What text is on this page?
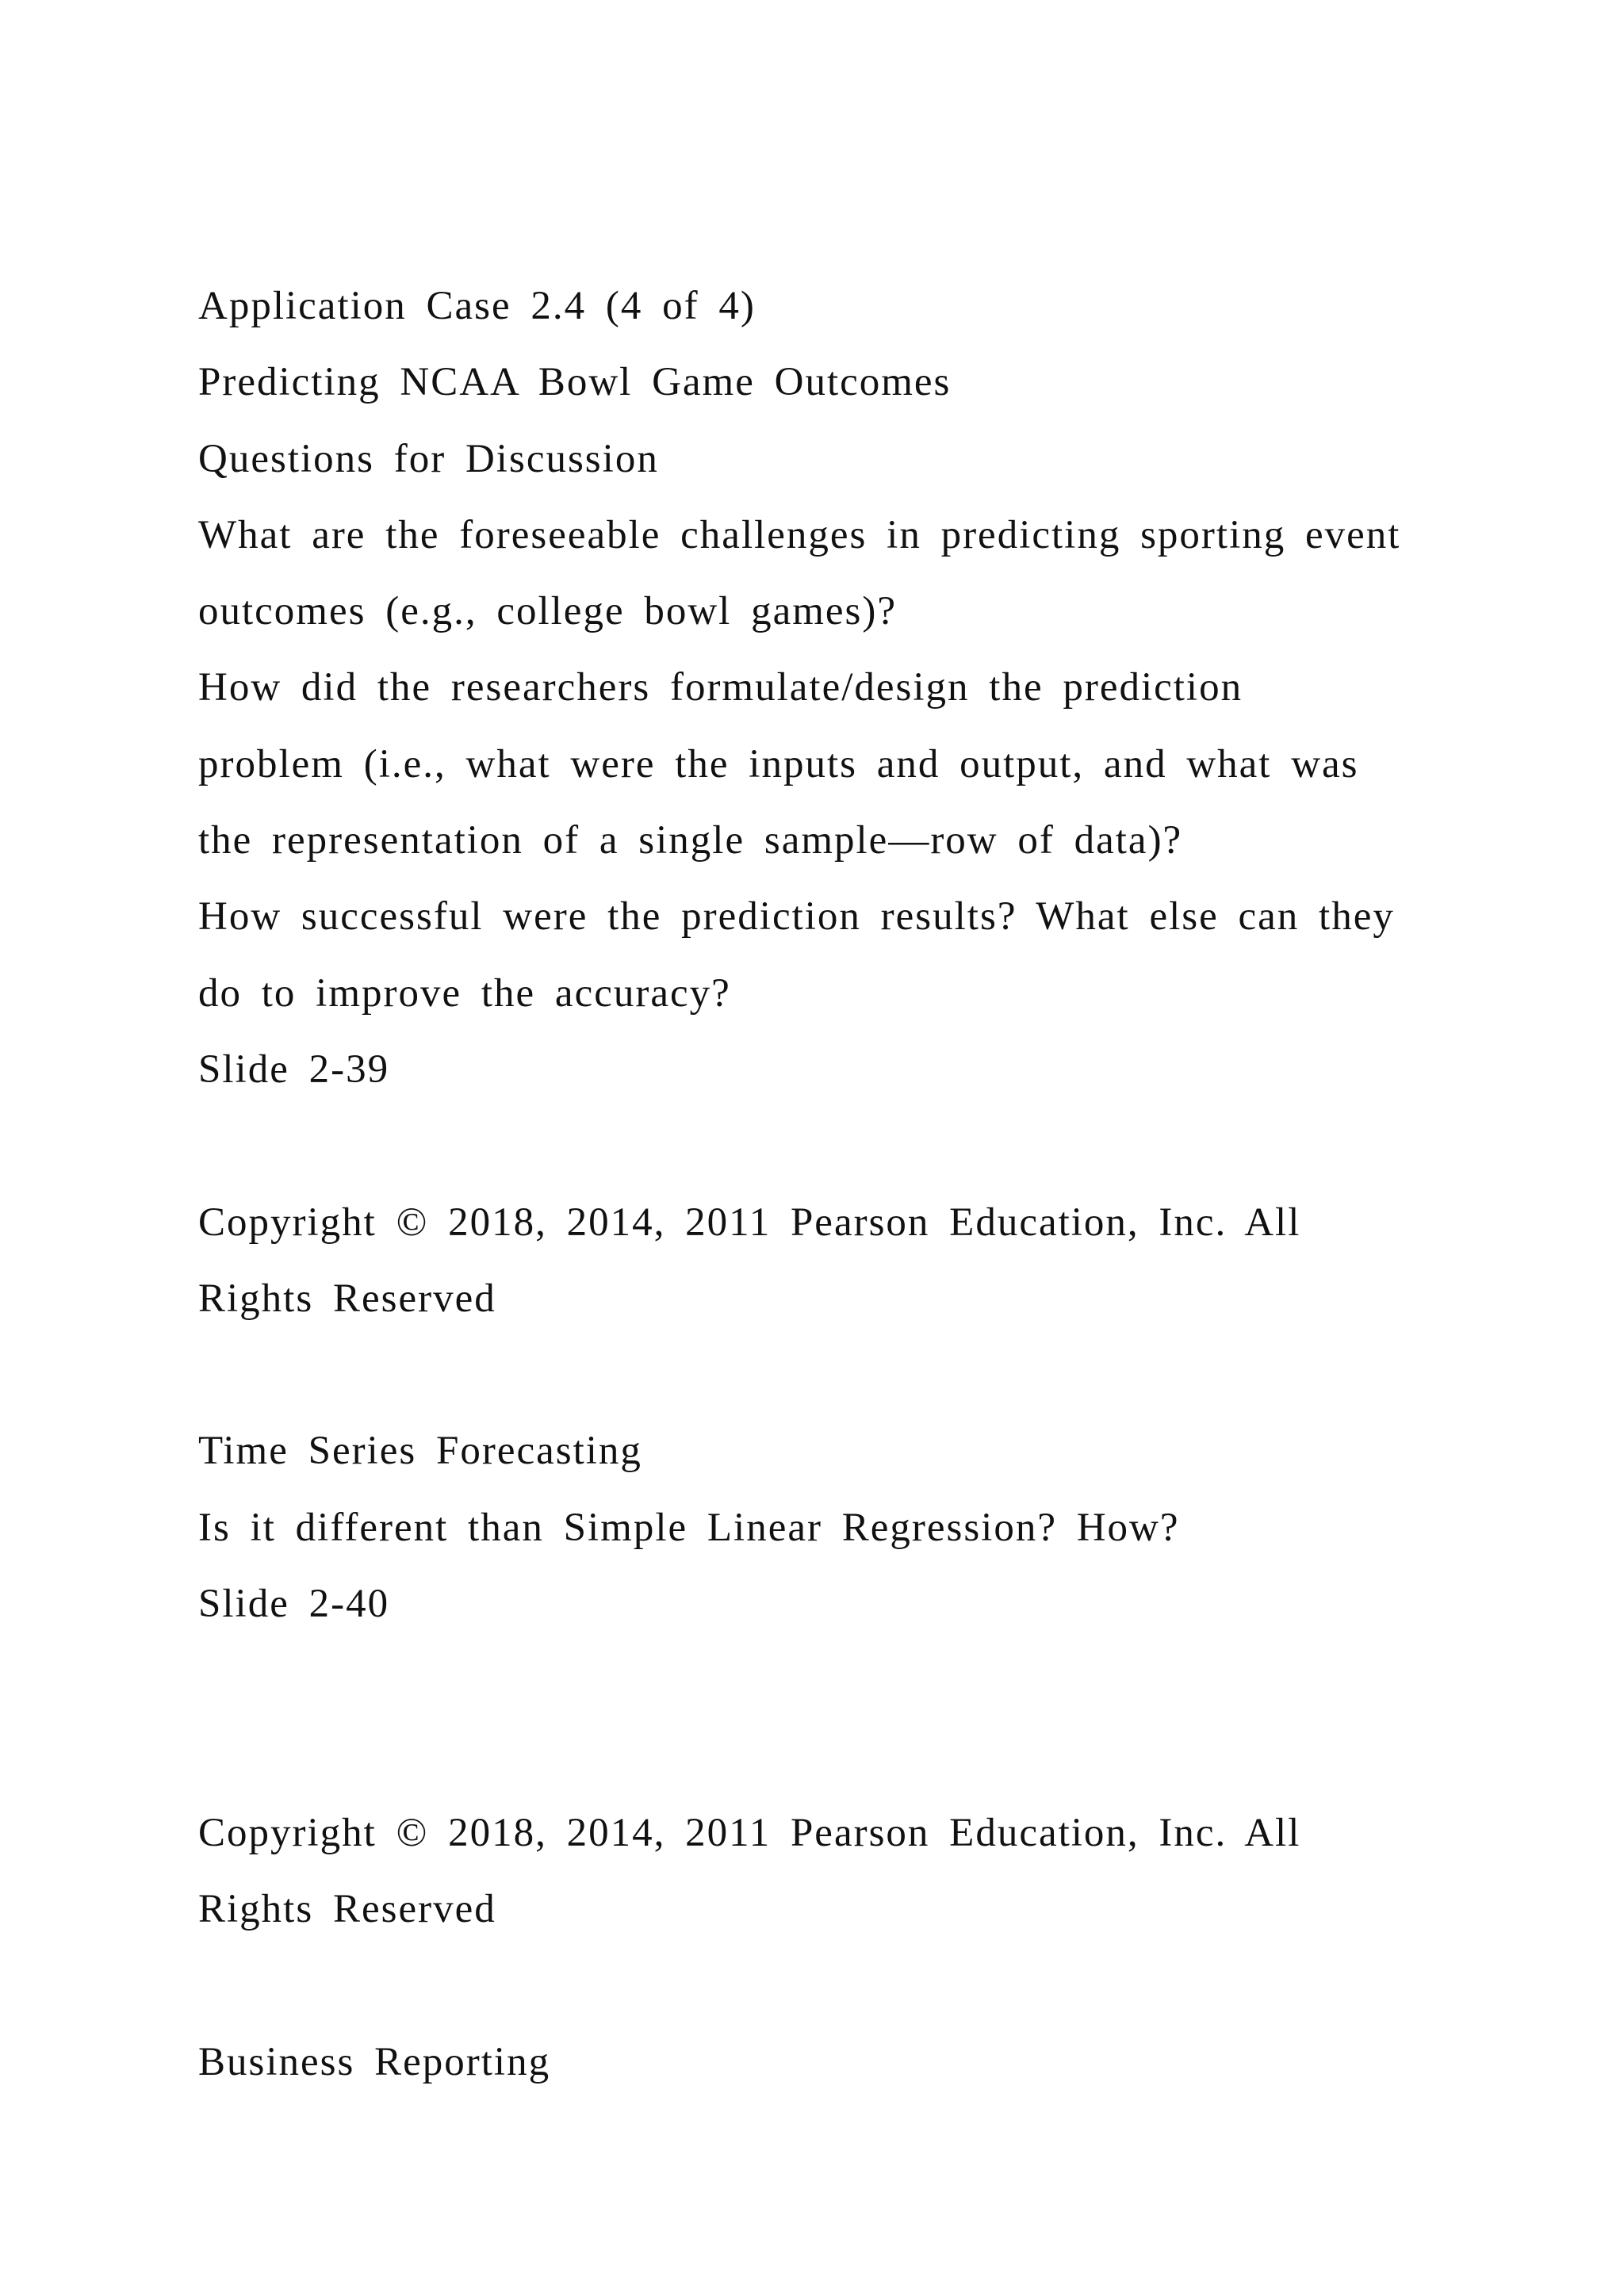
Application Case 2.4 (4 of 4)
Predicting NCAA Bowl Game Outcomes
Questions for Discussion
What are the foreseeable challenges in predicting sporting event
outcomes (e.g., college bowl games)?
How did the researchers formulate/design the prediction
problem (i.e., what were the inputs and output, and what was
the representation of a single sample—row of data)?
How successful were the prediction results? What else can they
do to improve the accuracy?
Slide 2-39
Copyright © 2018, 2014, 2011 Pearson Education, Inc. All
Rights Reserved
Time Series Forecasting
Is it different than Simple Linear Regression? How?
Slide 2-40
Copyright © 2018, 2014, 2011 Pearson Education, Inc. All
Rights Reserved
Business Reporting
